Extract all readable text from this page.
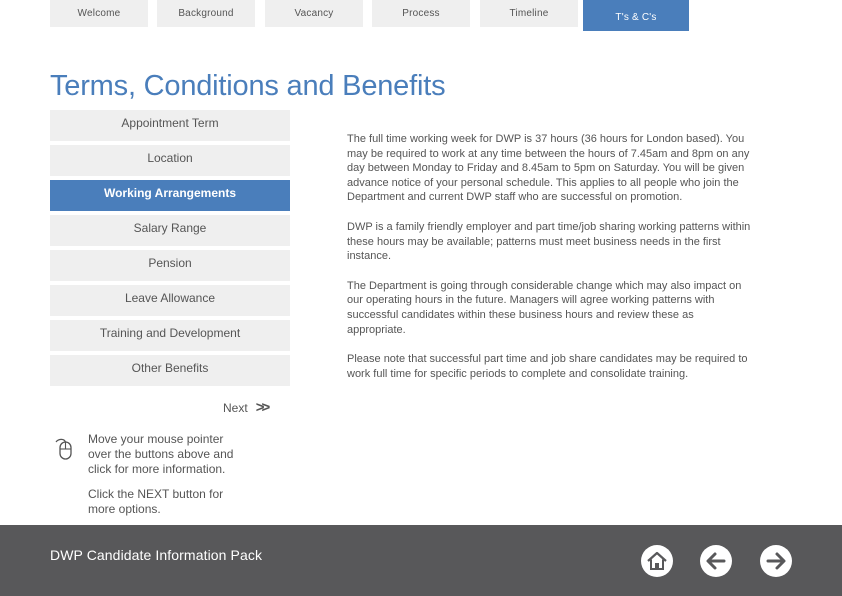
Welcome	Background	Vacancy	Process	Timeline	T's & C's
Terms, Conditions and Benefits
Appointment Term
Location
Working Arrangements
Salary Range
Pension
Leave Allowance
Training and Development
Other Benefits
Next >>
Move your mouse pointer over the buttons above and click for more information.
Click the NEXT button for more options.

The full time working week for DWP is 37 hours (36 hours for London based). You may be required to work at any time between the hours of 7.45am and 8pm on any day between Monday to Friday and 8.45am to 5pm on Saturday. You will be given advance notice of your personal schedule. This applies to all people who join the Department and current DWP staff who are successful on promotion.

DWP is a family friendly employer and part time/job sharing working patterns within these hours may be available; patterns must meet business needs in the first instance.

The Department is going through considerable change which may also impact on our operating hours in the future. Managers will agree working patterns with successful candidates within these business hours and review these as appropriate.

Please note that successful part time and job share candidates may be required to work full time for specific periods to complete and consolidate training.

DWP Candidate Information Pack
